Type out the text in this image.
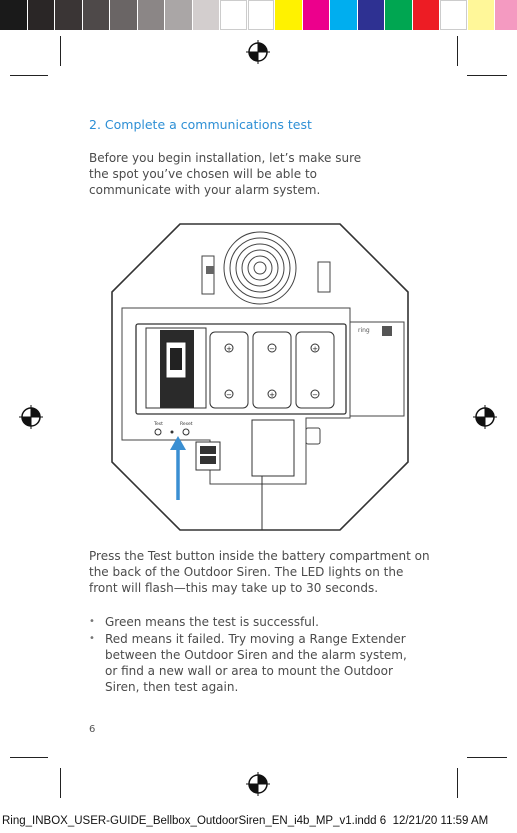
2. Complete a communications test

Before you begin installation, let’s make sure the spot you’ve chosen will be able to communicate with your alarm system.

+
−
−
+
+
−
ring
Test	Reset

Press the Test button inside the battery compartment on the back of the Outdoor Siren. The LED lights on the front will flash—this may take up to 30 seconds.

• Green means the test is successful.
• Red means it failed. Try moving a Range Extender between the Outdoor Siren and the alarm system, or find a new wall or area to mount the Outdoor Siren, then test again.
6
Ring_INBOX_USER-GUIDE_Bellbox_OutdoorSiren_EN_i4b_MP_v1.indd 6 12/21/20 11:59 AM
